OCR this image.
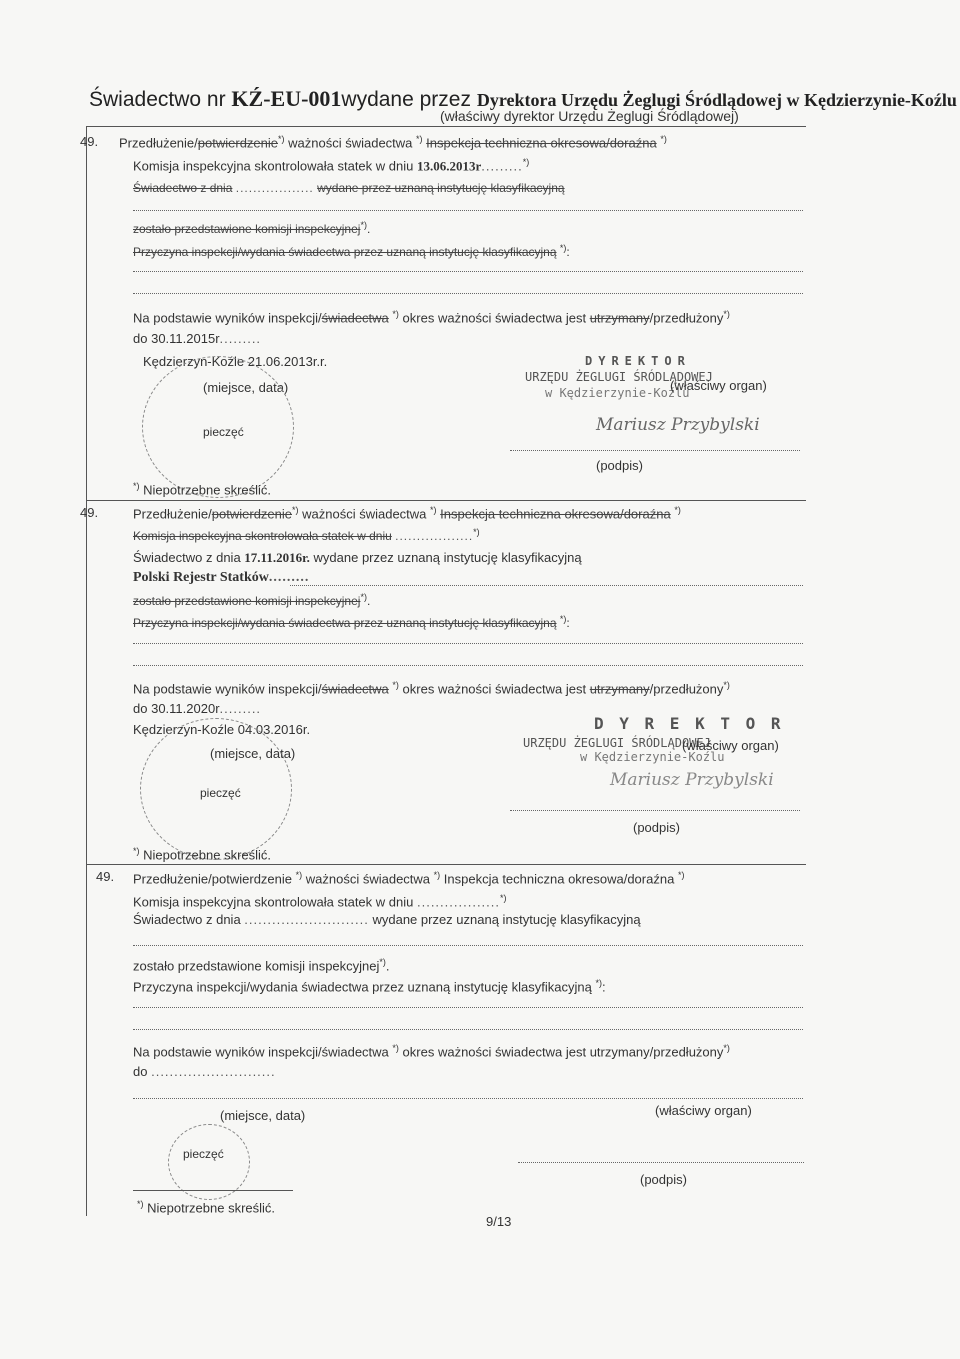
Świadectwo nr KŹ-EU-001wydane przez Dyrektora Urzędu Żeglugi Śródlądowej w Kędzierzynie-Koźlu
(właściwy dyrektor Urzędu Żeglugi Śródlądowej)
49. Przedłużenie/potwierdzenie*) ważności świadectwa *) Inspekcja techniczna okresowa/doraźna *)
Komisja inspekcyjna skontrolowała statek w dniu 13.06.2013r.........*)
Świadectwo z dnia .................. wydane przez uznaną instytucję klasyfikacyjną
zostało przedstawione komisji inspekcyjnej*).
Przyczyna inspekcji/wydania świadectwa przez uznaną instytucję klasyfikacyjną *):
Na podstawie wyników inspekcji/świadectwa *) okres ważności świadectwa jest utrzymany/przedłużony*)
do 30.11.2015r.........
Kędzierzyn-Koźle 21.06.2013r.r.
(miejsce, data)
pieczęć
*) Niepotrzebne skreślić.
DYREKTOR
URZĘDU ŻEGLUGI ŚRÓDLĄDOWEJ
w Kędzierzynie-Koźlu
(właściwy organ)
Mariusz Przybylski
(podpis)
49.	Przedłużenie/potwierdzenie*) ważności świadectwa *) Inspekcja techniczna okresowa/doraźna *)
Komisja inspekcyjna skontrolowała statek w dniu ..................*)
Świadectwo z dnia 17.11.2016r. wydane przez uznaną instytucję klasyfikacyjną
Polski Rejestr Statków.........
zostało przedstawione komisji inspekcyjnej*).
Przyczyna inspekcji/wydania świadectwa przez uznaną instytucję klasyfikacyjną *):
Na podstawie wyników inspekcji/świadectwa *) okres ważności świadectwa jest utrzymany/przedłużony*)
do 30.11.2020r.........
Kędzierzyn-Koźle 04.03.2016r.
(miejsce, data)
pieczęć
*) Niepotrzebne skreślić.
D Y R E K T O R
URZĘDU ŻEGLUGI ŚRÓDLĄDOWEJ
w Kędzierzynie-Koźlu
(właściwy organ)
Mariusz Przybylski
(podpis)
49. Przedłużenie/potwierdzenie *) ważności świadectwa *) Inspekcja techniczna okresowa/doraźna *)
Komisja inspekcyjna skontrolowała statek w dniu ..................*)
Świadectwo z dnia ........................... wydane przez uznaną instytucję klasyfikacyjną
zostało przedstawione komisji inspekcyjnej*).
Przyczyna inspekcji/wydania świadectwa przez uznaną instytucję klasyfikacyjną *):
Na podstawie wyników inspekcji/świadectwa *) okres ważności świadectwa jest utrzymany/przedłużony*)
do ...........................
(miejsce, data)	(właściwy organ)
pieczęć
(podpis)
*) Niepotrzebne skreślić.
9/13
